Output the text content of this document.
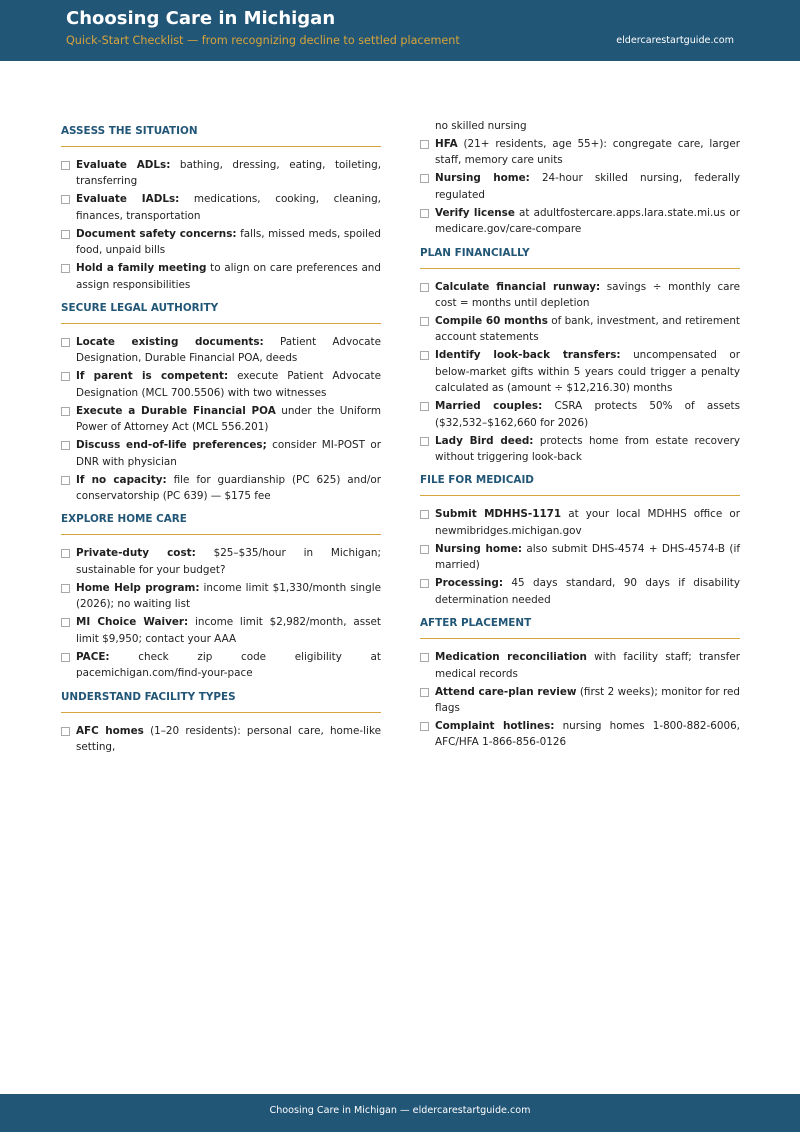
Choosing Care in Michigan
Quick-Start Checklist — from recognizing decline to settled placement	eldercarestartguide.com
ASSESS THE SITUATION
Evaluate ADLs: bathing, dressing, eating, toileting, transferring
Evaluate IADLs: medications, cooking, cleaning, finances, transportation
Document safety concerns: falls, missed meds, spoiled food, unpaid bills
Hold a family meeting to align on care preferences and assign responsibilities
SECURE LEGAL AUTHORITY
Locate existing documents: Patient Advocate Designation, Durable Financial POA, deeds
If parent is competent: execute Patient Advocate Designation (MCL 700.5506) with two witnesses
Execute a Durable Financial POA under the Uniform Power of Attorney Act (MCL 556.201)
Discuss end-of-life preferences; consider MI-POST or DNR with physician
If no capacity: file for guardianship (PC 625) and/or conservatorship (PC 639) — $175 fee
EXPLORE HOME CARE
Private-duty cost: $25–$35/hour in Michigan; sustainable for your budget?
Home Help program: income limit $1,330/month single (2026); no waiting list
MI Choice Waiver: income limit $2,982/month, asset limit $9,950; contact your AAA
PACE: check zip code eligibility at pacemichigan.com/find-your-pace
UNDERSTAND FACILITY TYPES
AFC homes (1–20 residents): personal care, home-like setting,
no skilled nursing
HFA (21+ residents, age 55+): congregate care, larger staff, memory care units
Nursing home: 24-hour skilled nursing, federally regulated
Verify license at adultfostercare.apps.lara.state.mi.us or medicare.gov/care-compare
PLAN FINANCIALLY
Calculate financial runway: savings ÷ monthly care cost = months until depletion
Compile 60 months of bank, investment, and retirement account statements
Identify look-back transfers: uncompensated or below-market gifts within 5 years could trigger a penalty calculated as (amount ÷ $12,216.30) months
Married couples: CSRA protects 50% of assets ($32,532–$162,660 for 2026)
Lady Bird deed: protects home from estate recovery without triggering look-back
FILE FOR MEDICAID
Submit MDHHS-1171 at your local MDHHS office or newmibridges.michigan.gov
Nursing home: also submit DHS-4574 + DHS-4574-B (if married)
Processing: 45 days standard, 90 days if disability determination needed
AFTER PLACEMENT
Medication reconciliation with facility staff; transfer medical records
Attend care-plan review (first 2 weeks); monitor for red flags
Complaint hotlines: nursing homes 1-800-882-6006, AFC/HFA 1-866-856-0126
Choosing Care in Michigan — eldercarestartguide.com
